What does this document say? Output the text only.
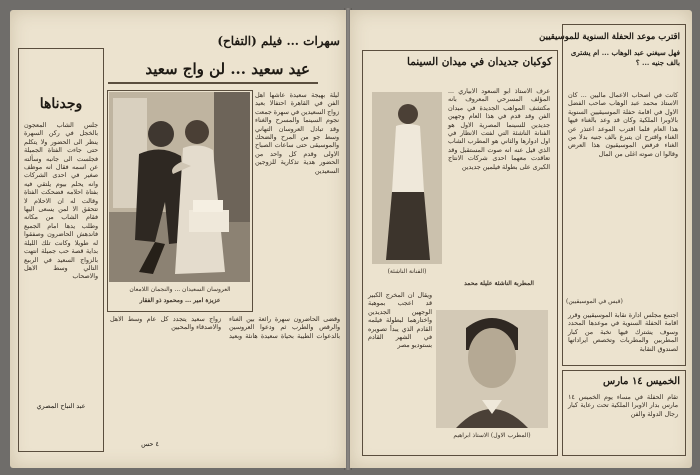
سهرات ... فيلم (التفاح)
عيد سعيد ... لن واج سعيد
وجدناها

جلس الشاب المعجون بالخجل في ركن السهرة ينظر الى الحضور ولا يتكلم حتى جاءت الفتاة الجميلة فجلست الى جانبه وسألته عن اسمه فقال انه موظف صغير في احدى الشركات وانه يحلم بيوم يلتقي فيه بفتاة احلامه فضحكت الفتاة وقالت له ان الاحلام لا تتحقق الا لمن يسعى اليها فقام الشاب من مكانه وطلب يدها امام الجميع فاندهش الحاضرون وصفقوا له طويلا وكانت تلك الليلة بداية قصة حب جميلة انتهت بالزواج السعيد في الربيع التالي وسط الاهل والاصحاب

عبد النباح المصري

ليلة بهيجة سعيدة عاشها اهل الفن في القاهرة احتفالا بعيد زواج السعيدين في سهرة جمعت نجوم السينما والمسرح والغناء وقد تبادل العروسان التهاني وسط جو من المرح والضحك والموسيقى حتى ساعات الصباح الاولى وقدم كل واحد من الحضور هدية تذكارية للزوجين السعيدين

العروسان السعيدان ... والنجمان اللامعان
عزيزة امير ... ومحمود ذو الفقار

وقضى الحاضرون سهرة رائعة بين الغناء والرقص والطرب ثم ودعوا العروسين بالدعوات الطيبة بحياة سعيدة هانئة وبعيد زواج سعيد يتجدد كل عام وسط الاهل والاصدقاء والمحبين

٤ حس
كوكبان جديدان في ميدان السينما
(الفنانة الناشئة)

عرف الاستاذ ابو السعود الابياري ... المؤلف المسرحي المعروف بانه مكتشف المواهب الجديدة في ميدان الفن وقد قدم في هذا العام وجهين جديدين للسينما المصرية الاول هو الفنانة الناشئة التي لفتت الانظار في اول ادوارها والثاني هو المطرب الشاب الذي قيل عنه انه صوت المستقبل وقد تعاقدت معهما احدى شركات الانتاج الكبرى على بطولة فيلمين جديدين

المطربة الناشئة عليلة محمد
(المطرب الاول) الاستاذ ابراهيم

ويقال ان المخرج الكبير قد اعجب بموهبة الوجهين الجديدين واختارهما لبطولة فيلمه القادم الذي يبدأ تصويره في الشهر القادم بستوديو مصر

اقترب موعد الحفلة السنوية للموسيقيين
فهل سيغني عبد الوهاب ... ام يشترى بالف جنيه ... ؟

كانت في اصحاب الاعمال ماليين ... كان الاستاذ محمد عبد الوهاب صاحب الفضل الاول في اقامة حفلة الموسيقيين السنوية بالاوبرا الملكية وكان قد وعد بالغناء فيها هذا العام فلما اقترب الموعد اعتذر عن الغناء واقترح ان يتبرع بالف جنيه بدلا من الغناء فرفض الموسيقيون هذا العرض وقالوا ان صوته اغلى من المال

(قيس في الموسيقيين)

اجتمع مجلس ادارة نقابة الموسيقيين وقرر اقامة الحفلة السنوية في موعدها المحدد وسوف يشترك فيها نخبة من كبار المطربين والمطربات وتخصص ايراداتها لصندوق النقابة

الخميس ١٤ مارس

تقام الحفلة في مساء يوم الخميس ١٤ مارس بدار الاوبرا الملكية تحت رعاية كبار رجال الدولة والفن
